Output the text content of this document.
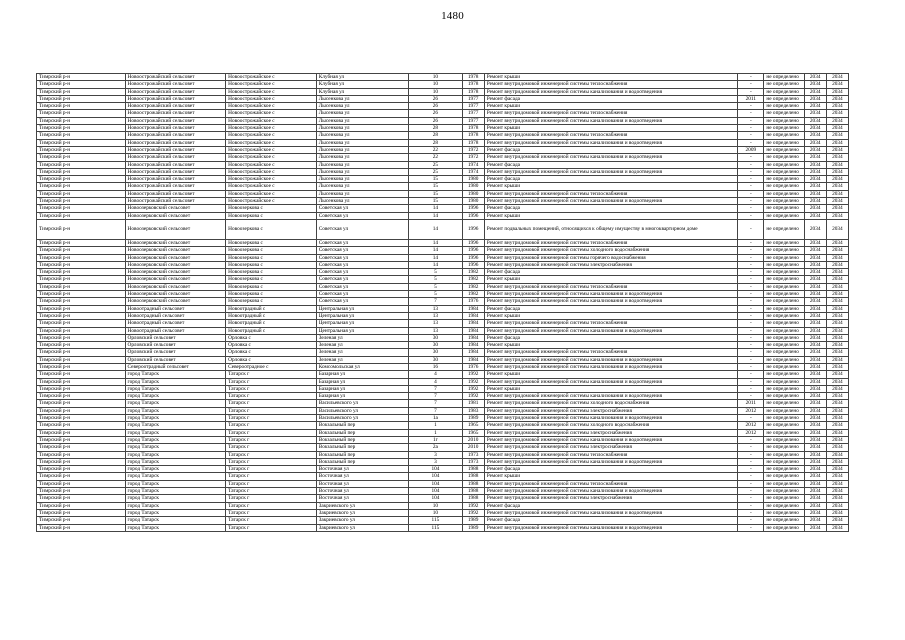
1480
Тимрский р-н	Новоострожайский сельсовет	Новоострожайское с	Клубная ул	10	1978	Ремонт крыши	-	не определено	2034	2034
Тимрский р-н	Новоострожайский сельсовет	Новоострожайское с	Клубная ул	10	1978	Ремонт внутридомовой инженерной системы теплоснабжения	-	не определено	2034	2034
Тимрский р-н	Новоострожайский сельсовет	Новоострожайское с	Клубная ул	10	1978	Ремонт внутридомовой инженерной системы канализования и водоотведения	-	не определено	2034	2034
Тимрский р-н	Новоострожайский сельсовет	Новоострожайское с	Лысенкова ул	26	1977	Ремонт фасада	2011	не определено	2034	2034
Тимрский р-н	Новоострожайский сельсовет	Новоострожайское с	Лысенкова ул	26	1977	Ремонт крыши	-	не определено	2034	2034
Тимрский р-н	Новоострожайский сельсовет	Новоострожайское с	Лысенкова ул	26	1977	Ремонт внутридомовой инженерной системы теплоснабжения	-	не определено	2034	2034
Тимрский р-н	Новоострожайский сельсовет	Новоострожайское с	Лысенкова ул	26	1977	Ремонт внутридомовой инженерной системы канализования и водоотведения	-	не определено	2034	2034
Тимрский р-н	Новоострожайский сельсовет	Новоострожайское с	Лысенкова ул	28	1978	Ремонт крыши	-	не определено	2034	2034
Тимрский р-н	Новоострожайский сельсовет	Новоострожайское с	Лысенкова ул	28	1978	Ремонт внутридомовой инженерной системы теплоснабжения	-	не определено	2034	2034
Тимрский р-н	Новоострожайский сельсовет	Новоострожайское с	Лысенкова ул	28	1978	Ремонт внутридомовой инженерной системы канализования и водоотведения	-	не определено	2034	2034
Тимрский р-н	Новоострожайский сельсовет	Новоострожайское с	Лысенкова ул	22	1972	Ремонт фасада	2009	не определено	2034	2034
Тимрский р-н	Новоострожайский сельсовет	Новоострожайское с	Лысенкова ул	22	1972	Ремонт внутридомовой инженерной системы канализования и водоотведения	-	не определено	2034	2034
Тимрский р-н	Новоострожайский сельсовет	Новоострожайское с	Лысенкова ул	25	1974	Ремонт фасада	-	не определено	2034	2034
Тимрский р-н	Новоострожайский сельсовет	Новоострожайское с	Лысенкова ул	25	1974	Ремонт внутридомовой инженерной системы канализования и водоотведения	-	не определено	2034	2034
Тимрский р-н	Новоострожайский сельсовет	Новоострожайское с	Лысенкова ул	15	1980	Ремонт фасада	-	не определено	2034	2034
Тимрский р-н	Новоострожайский сельсовет	Новоострожайское с	Лысенкова ул	15	1980	Ремонт крыши	-	не определено	2034	2034
Тимрский р-н	Новоострожайский сельсовет	Новоострожайское с	Лысенкова ул	15	1980	Ремонт внутридомовой инженерной системы теплоснабжения	-	не определено	2034	2034
Тимрский р-н	Новоострожайский сельсовет	Новоострожайское с	Лысенкова ул	15	1980	Ремонт внутридомовой инженерной системы канализования и водоотведения	-	не определено	2034	2034
Тимрский р-н	Новоозерковский сельсовет	Новоозеркова с	Советская ул	14	1996	Ремонт фасада	-	не определено	2034	2034
Тимрский р-н	Новоозерковский сельсовет	Новоозеркова с	Советская ул	14	1996	Ремонт крыши	-	не определено	2034	2034
Тимрский р-н	Новоозерковский сельсовет	Новоозеркова с	Советская ул	14	1996	Ремонт подвальных помещений, относящихся к общему имуществу в многоквартирном доме	-	не определено	2034	2034
Тимрский р-н	Новоозерковский сельсовет	Новоозеркова с	Советская ул	14	1996	Ремонт внутридомовой инженерной системы теплоснабжения	-	не определено	2034	2034
Тимрский р-н	Новоозерковский сельсовет	Новоозеркова с	Советская ул	14	1996	Ремонт внутридомовой инженерной системы холодного водоснабжения	-	не определено	2034	2034
Тимрский р-н	Новоозерковский сельсовет	Новоозеркова с	Советская ул	14	1996	Ремонт внутридомовой инженерной системы горячего водоснабжения	-	не определено	2034	2034
Тимрский р-н	Новоозерковский сельсовет	Новоозеркова с	Советская ул	14	1996	Ремонт внутридомовой инженерной системы электроснабжения	-	не определено	2034	2034
Тимрский р-н	Новоозерковский сельсовет	Новоозеркова с	Советская ул	5	1982	Ремонт фасада	-	не определено	2034	2034
Тимрский р-н	Новоозерковский сельсовет	Новоозеркова с	Советская ул	5	1982	Ремонт крыши	-	не определено	2034	2034
Тимрский р-н	Новоозерковский сельсовет	Новоозеркова с	Советская ул	5	1982	Ремонт внутридомовой инженерной системы теплоснабжения	-	не определено	2034	2034
Тимрский р-н	Новоозерковский сельсовет	Новоозеркова с	Советская ул	5	1982	Ремонт внутридомовой инженерной системы канализования и водоотведения	-	не определено	2034	2034
Тимрский р-н	Новоозерковский сельсовет	Новоозеркова с	Советская ул	7	1976	Ремонт внутридомовой инженерной системы канализования и водоотведения	-	не определено	2034	2034
Тимрский р-н	Новоотрадный сельсовет	Новоотрадный с	Центральная ул	13	1984	Ремонт фасада	-	не определено	2034	2034
Тимрский р-н	Новоотрадный сельсовет	Новоотрадный с	Центральная ул	13	1984	Ремонт крыши	-	не определено	2034	2034
Тимрский р-н	Новоотрадный сельсовет	Новоотрадный с	Центральная ул	13	1984	Ремонт внутридомовой инженерной системы теплоснабжения	-	не определено	2034	2034
Тимрский р-н	Новоотрадный сельсовет	Новоотрадный с	Центральная ул	13	1984	Ремонт внутридомовой инженерной системы канализования и водоотведения	-	не определено	2034	2034
Тимрский р-н	Орловский сельсовет	Орловка с	Зеленая ул	30	1984	Ремонт фасада	-	не определено	2034	2034
Тимрский р-н	Орловский сельсовет	Орловка с	Зеленая ул	30	1984	Ремонт крыши	-	не определено	2034	2034
Тимрский р-н	Орловский сельсовет	Орловка с	Зеленая ул	30	1984	Ремонт внутридомовой инженерной системы теплоснабжения	-	не определено	2034	2034
Тимрский р-н	Орловский сельсовет	Орловка с	Зеленая ул	30	1984	Ремонт внутридомовой инженерной системы канализования и водоотведения	-	не определено	2034	2034
Тимрский р-н	Североотрадный сельсовет	Североотрадное с	Комсомольская ул	16	1976	Ремонт внутридомовой инженерной системы канализования и водоотведения	-	не определено	2034	2034
Тимрский р-н	город Татарск	Татарск г	Базарная ул	4	1992	Ремонт крыши	-	не определено	2034	2034
Тимрский р-н	город Татарск	Татарск г	Базарная ул	4	1992	Ремонт внутридомовой инженерной системы канализования и водоотведения	-	не определено	2034	2034
Тимрский р-н	город Татарск	Татарск г	Базарная ул	7	1992	Ремонт крыши	-	не определено	2034	2034
Тимрский р-н	город Татарск	Татарск г	Базарная ул	7	1992	Ремонт внутридомовой инженерной системы канализования и водоотведения	-	не определено	2034	2034
Тимрский р-н	город Татарск	Татарск г	Васильевского ул	7	1981	Ремонт внутридомовой инженерной системы холодного водоснабжения	2011	не определено	2034	2034
Тимрский р-н	город Татарск	Татарск г	Васильевского ул	7	1983	Ремонт внутридомовой инженерной системы электроснабжения	2012	не определено	2034	2034
Тимрский р-н	город Татарск	Татарск г	Васильевского ул	1а	1989	Ремонт внутридомовой инженерной системы канализования и водоотведения	-	не определено	2034	2034
Тимрский р-н	город Татарск	Татарск г	Вокзальный пер	1	1965	Ремонт внутридомовой инженерной системы холодного водоснабжения	2012	не определено	2034	2034
Тимрский р-н	город Татарск	Татарск г	Вокзальный пер	1	1965	Ремонт внутридомовой инженерной системы электроснабжения	2012	не определено	2034	2034
Тимрский р-н	город Татарск	Татарск г	Вокзальный пер	1г	2010	Ремонт внутридомовой инженерной системы канализования и водоотведения	-	не определено	2034	2034
Тимрский р-н	город Татарск	Татарск г	Вокзальный пер	2а	2010	Ремонт внутридомовой инженерной системы электроснабжения	-	не определено	2034	2034
Тимрский р-н	город Татарск	Татарск г	Вокзальный пер	3	1973	Ремонт внутридомовой инженерной системы теплоснабжения	-	не определено	2034	2034
Тимрский р-н	город Татарск	Татарск г	Вокзальный пер	3	1973	Ремонт внутридомовой инженерной системы канализования и водоотведения	-	не определено	2034	2034
Тимрский р-н	город Татарск	Татарск г	Восточная ул	104	1988	Ремонт фасада	-	не определено	2034	2034
Тимрский р-н	город Татарск	Татарск г	Восточная ул	104	1988	Ремонт крыши	-	не определено	2034	2034
Тимрский р-н	город Татарск	Татарск г	Восточная ул	104	1988	Ремонт внутридомовой инженерной системы теплоснабжения	-	не определено	2034	2034
Тимрский р-н	город Татарск	Татарск г	Восточная ул	104	1988	Ремонт внутридомовой инженерной системы канализования и водоотведения	-	не определено	2034	2034
Тимрский р-н	город Татарск	Татарск г	Восточная ул	104	1988	Ремонт внутридомовой инженерной системы электроснабжения	-	не определено	2034	2034
Тимрский р-н	город Татарск	Татарск г	Закриевского ул	10	1992	Ремонт фасада	-	не определено	2034	2034
Тимрский р-н	город Татарск	Татарск г	Закриевского ул	10	1992	Ремонт внутридомовой инженерной системы канализования и водоотведения	-	не определено	2034	2034
Тимрский р-н	город Татарск	Татарск г	Закриевского ул	115	1989	Ремонт фасада	-	не определено	2034	2034
Тимрский р-н	город Татарск	Татарск г	Закриевского ул	115	1989	Ремонт внутридомовой инженерной системы канализования и водоотведения	-	не определено	2034	2034
